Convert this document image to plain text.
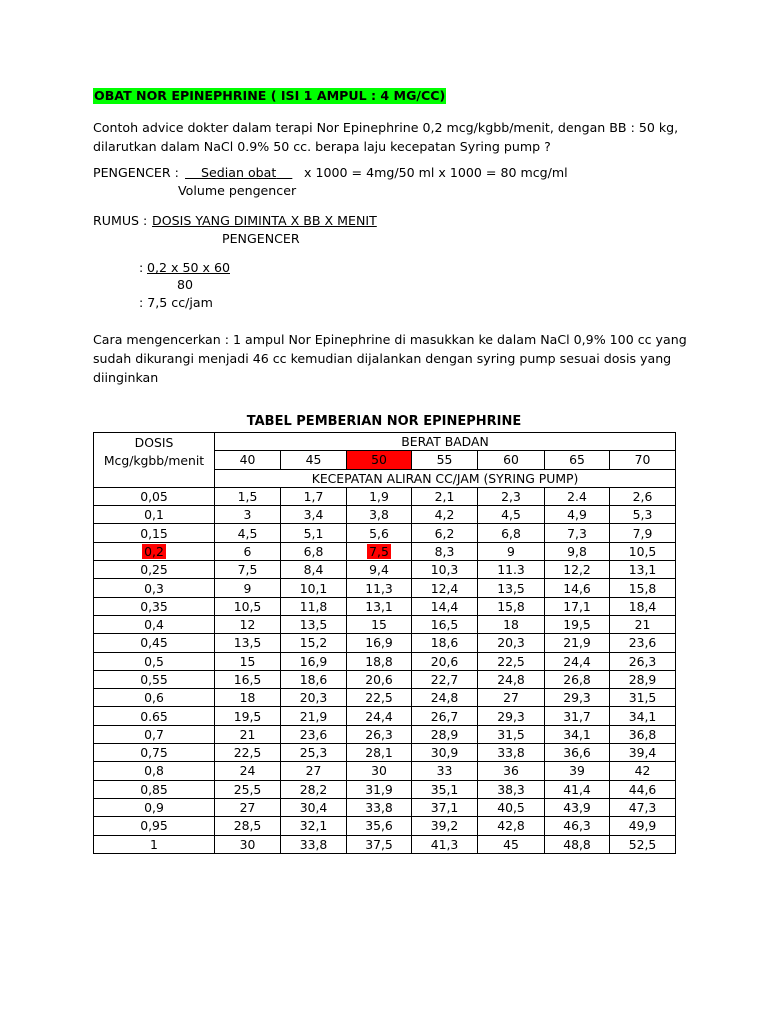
OBAT NOR EPINEPHRINE ( ISI 1 AMPUL : 4 MG/CC)
Contoh advice dokter dalam terapi Nor Epinephrine 0,2 mcg/kgbb/menit, dengan BB : 50 kg, dilarutkan dalam NaCl 0.9% 50 cc. berapa laju kecepatan Syring pump ?
PENGENCER :	Sedian obat	x 1000 = 4mg/50 ml x 1000 = 80 mcg/ml
Volume pengencer
RUMUS : DOSIS YANG DIMINTA X BB X MENIT
PENGENCER
: 0,2 x 50 x 60
80
: 7,5 cc/jam
Cara mengencerkan : 1 ampul Nor Epinephrine di masukkan ke dalam NaCl 0,9% 100 cc yang sudah dikurangi menjadi 46 cc kemudian dijalankan dengan syring pump sesuai dosis yang diinginkan
TABEL PEMBERIAN NOR EPINEPHRINE
DOSIS
Mcg/kgbb/menit	BERAT BADAN						
	40	45	50	55	60	65	70
	KECEPATAN ALIRAN CC/JAM (SYRING PUMP)						
0,05	1,5	1,7	1,9	2,1	2,3	2.4	2,6
0,1	3	3,4	3,8	4,2	4,5	4,9	5,3
0,15	4,5	5,1	5,6	6,2	6,8	7,3	7,9
0,2	6	6,8	7,5	8,3	9	9,8	10,5
0,25	7,5	8,4	9,4	10,3	11.3	12,2	13,1
0,3	9	10,1	11,3	12,4	13,5	14,6	15,8
0,35	10,5	11,8	13,1	14,4	15,8	17,1	18,4
0,4	12	13,5	15	16,5	18	19,5	21
0,45	13,5	15,2	16,9	18,6	20,3	21,9	23,6
0,5	15	16,9	18,8	20,6	22,5	24,4	26,3
0,55	16,5	18,6	20,6	22,7	24,8	26,8	28,9
0,6	18	20,3	22,5	24,8	27	29,3	31,5
0.65	19,5	21,9	24,4	26,7	29,3	31,7	34,1
0,7	21	23,6	26,3	28,9	31,5	34,1	36,8
0,75	22,5	25,3	28,1	30,9	33,8	36,6	39,4
0,8	24	27	30	33	36	39	42
0,85	25,5	28,2	31,9	35,1	38,3	41,4	44,6
0,9	27	30,4	33,8	37,1	40,5	43,9	47,3
0,95	28,5	32,1	35,6	39,2	42,8	46,3	49,9
1	30	33,8	37,5	41,3	45	48,8	52,5
